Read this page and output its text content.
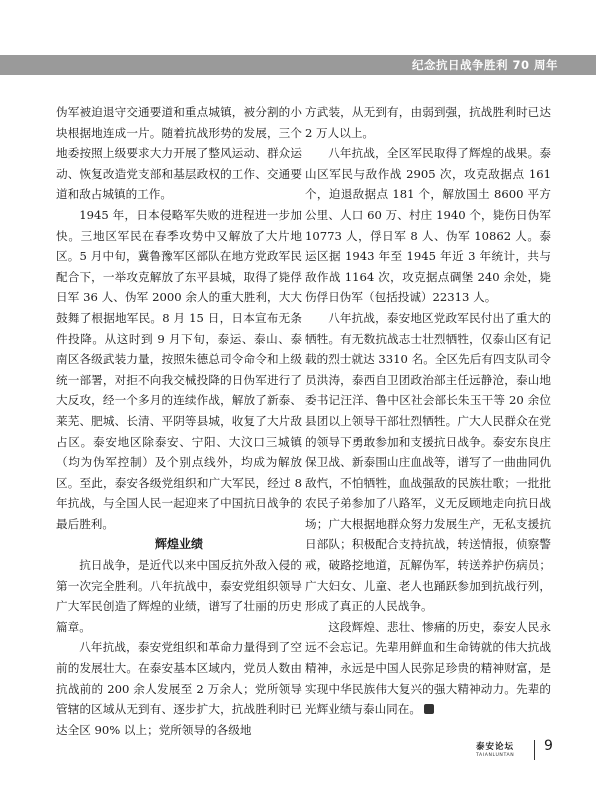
纪念抗日战争胜利 70 周年

伪军被迫退守交通要道和重点城镇，被分割的小块根据地连成一片。随着抗战形势的发展，三个地委按照上级要求大力开展了整风运动、群众运动、恢复改造党支部和基层政权的工作、交通要道和敌占城镇的工作。

1945 年，日本侵略军失败的进程进一步加快。三地区军民在春季攻势中又解放了大片地区。5 月中旬，冀鲁豫军区部队在地方党政军民配合下，一举攻克解放了东平县城，取得了毙俘日军 36 人、伪军 2000 余人的重大胜利，大大鼓舞了根据地军民。8 月 15 日，日本宣布无条件投降。从这时到 9 月下旬，泰运、泰山、泰南区各级武装力量，按照朱德总司令命令和上级统一部署，对拒不向我交械投降的日伪军进行了大反攻，经一个多月的连续作战，解放了新泰、莱芜、肥城、长清、平阴等县城，收复了大片敌占区。泰安地区除泰安、宁阳、大汶口三城镇（均为伪军控制）及个别点线外，均成为解放区。至此，泰安各级党组织和广大军民，经过 8 年抗战，与全国人民一起迎来了中国抗日战争的最后胜利。

辉煌业绩

抗日战争，是近代以来中国反抗外敌入侵的第一次完全胜利。八年抗战中，泰安党组织领导广大军民创造了辉煌的业绩，谱写了壮丽的历史篇章。

八年抗战，泰安党组织和革命力量得到了空前的发展壮大。在泰安基本区域内，党员人数由抗战前的 200 余人发展至 2 万余人；党所领导管辖的区域从无到有、逐步扩大，抗战胜利时已达全区 90% 以上；党所领导的各级地

方武装，从无到有，由弱到强，抗战胜利时已达 2 万人以上。

八年抗战，全区军民取得了辉煌的战果。泰山区军民与敌作战 2905 次，攻克敌据点 161 个，迫退敌据点 181 个，解放国土 8600 平方公里、人口 60 万、村庄 1940 个，毙伤日伪军 10773 人，俘日军 8 人、伪军 10862 人。泰运区据 1943 年至 1945 年近 3 年统计，共与敌作战 1164 次，攻克据点碉堡 240 余处，毙伤俘日伪军（包括投诚）22313 人。

八年抗战，泰安地区党政军民付出了重大的牺牲。有无数抗战志士壮烈牺牲，仅泰山区有记载的烈士就达 3310 名。全区先后有四支队司令员洪涛，泰西自卫团政治部主任远静沧，泰山地委书记汪洋、鲁中区社会部长朱玉干等 20 余位县团以上领导干部壮烈牺牲。广大人民群众在党的领导下勇敢参加和支援抗日战争。泰安东良庄保卫战、新泰围山庄血战等，谱写了一曲曲同仇敌忾，不怕牺牲，血战强敌的民族壮歌；一批批农民子弟参加了八路军，义无反顾地走向抗日战场；广大根据地群众努力发展生产，无私支援抗日部队；积极配合支持抗战，转送情报，侦察警戒，破路挖地道，瓦解伪军，转送养护伤病员；广大妇女、儿童、老人也踊跃参加到抗战行列，形成了真正的人民战争。

这段辉煌、悲壮、惨痛的历史，泰安人民永远不会忘记。先辈用鲜血和生命铸就的伟大抗战精神，永远是中国人民弥足珍贵的精神财富，是实现中华民族伟大复兴的强大精神动力。先辈的光辉业绩与泰山同在。

泰安论坛
TAIANLUNTAN
9
